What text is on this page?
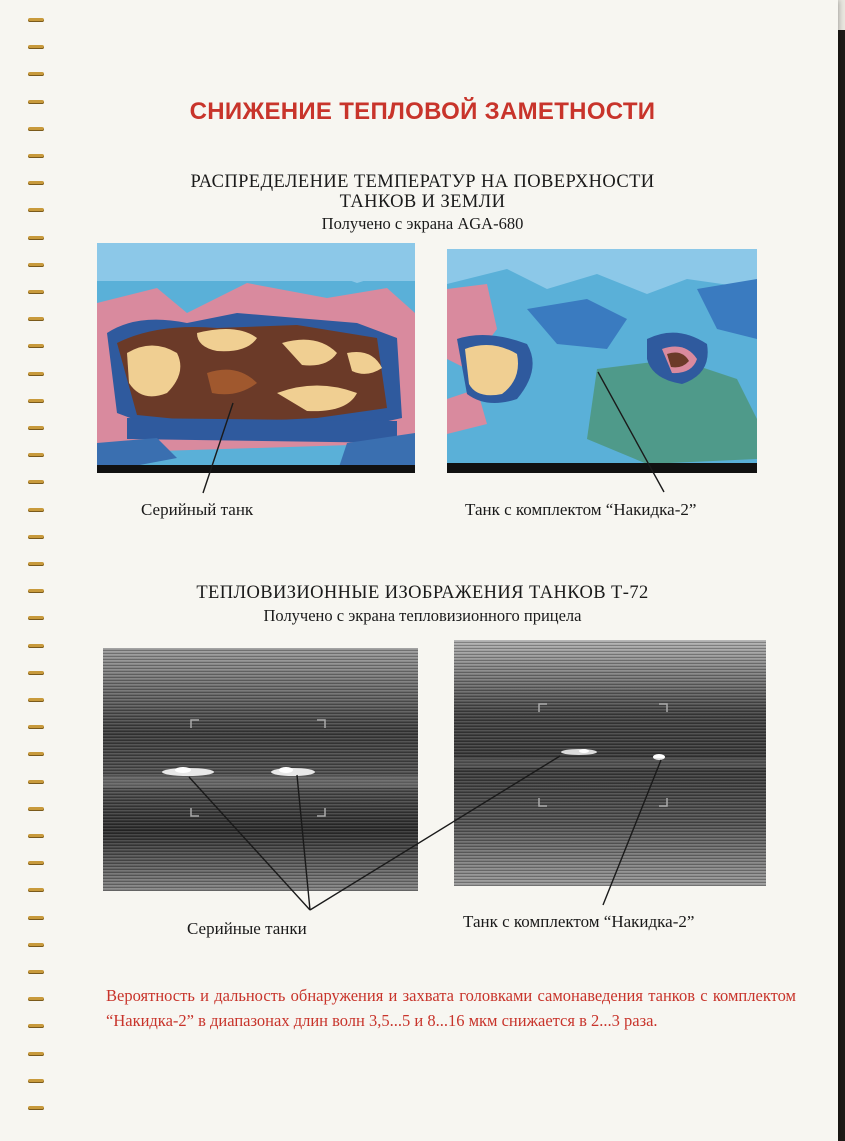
СНИЖЕНИЕ ТЕПЛОВОЙ ЗАМЕТНОСТИ
РАСПРЕДЕЛЕНИЕ ТЕМПЕРАТУР НА ПОВЕРХНОСТИ
ТАНКОВ И ЗЕМЛИ
Получено с экрана AGA-680
Серийный танк	Танк с комплектом “Накидка-2”
ТЕПЛОВИЗИОННЫЕ ИЗОБРАЖЕНИЯ ТАНКОВ Т-72
Получено с экрана тепловизионного прицела
Серийные танки	Танк с комплектом “Накидка-2”
Вероятность и дальность обнаружения и захвата головками самонаведения танков с комплектом “Накидка-2” в диапазонах длин волн 3,5...5 и 8...16 мкм снижается в 2...3 раза.
